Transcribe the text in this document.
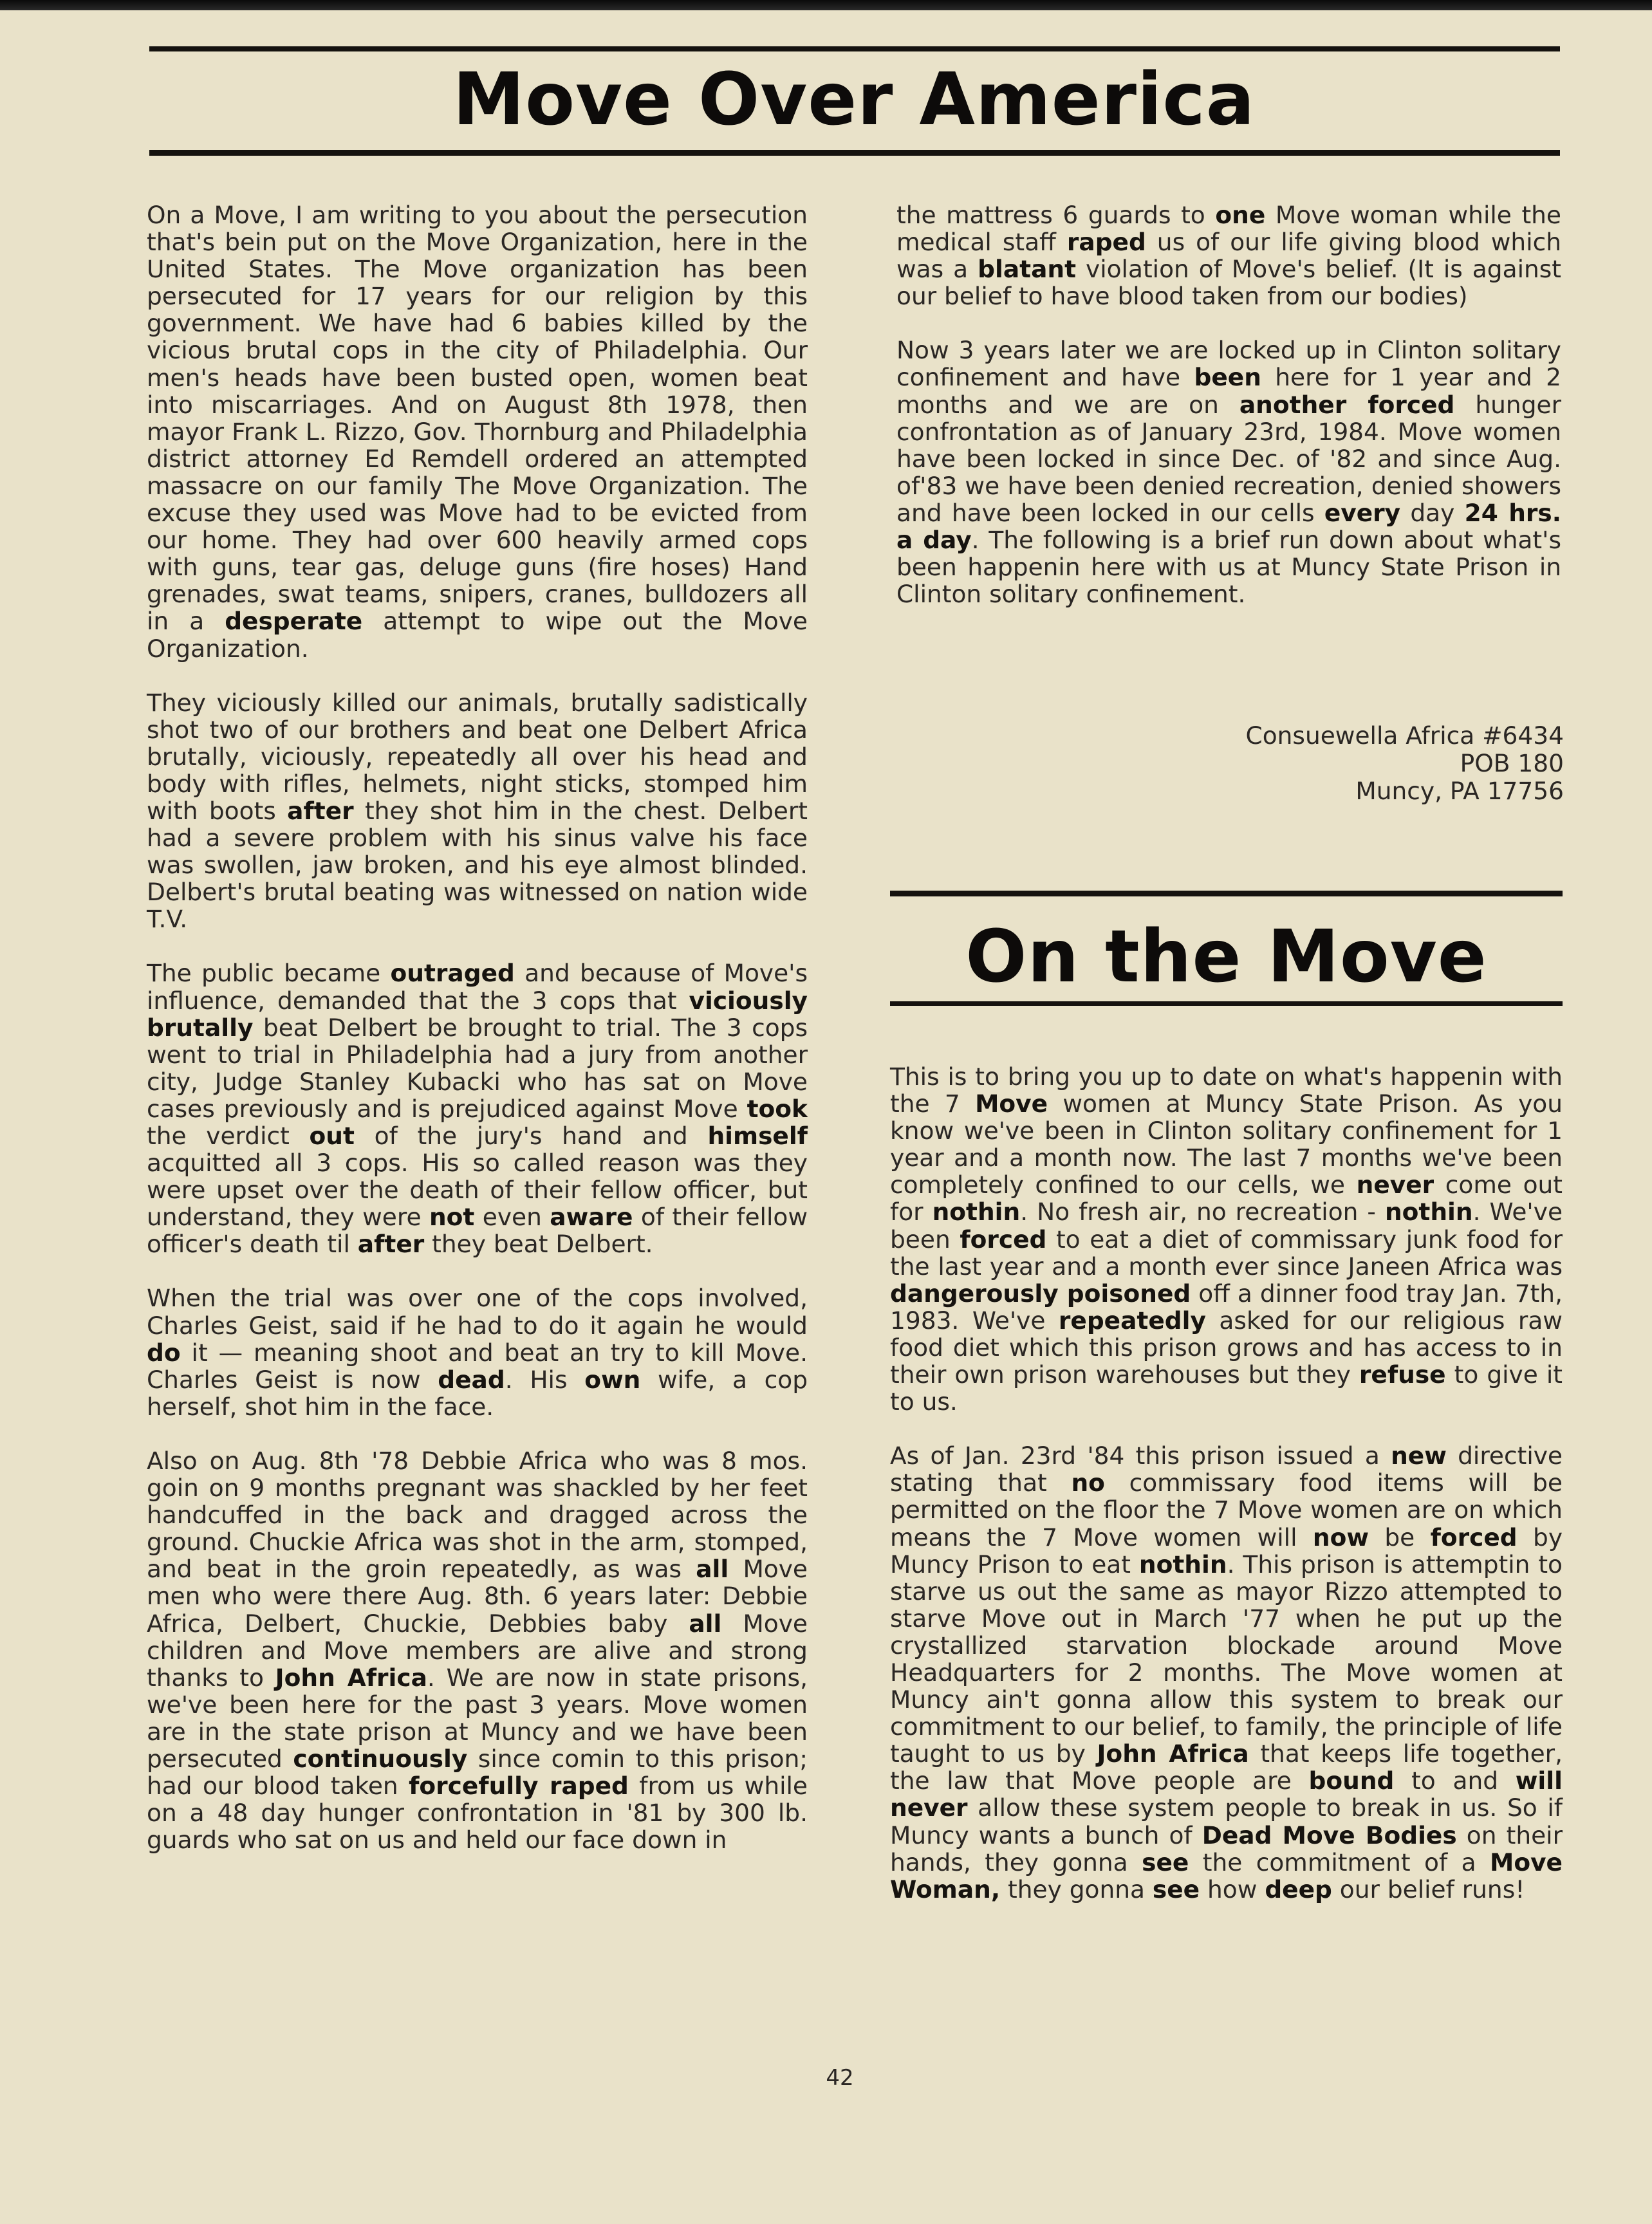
Move Over America

On a Move, I am writing to you about the persecution that's bein put on the Move Organization, here in the United States. The Move organization has been persecuted for 17 years for our religion by this government. We have had 6 babies killed by the vicious brutal cops in the city of Philadelphia. Our men's heads have been busted open, women beat into miscarriages. And on August 8th 1978, then mayor Frank L. Rizzo, Gov. Thornburg and Philadelphia district attorney Ed Remdell ordered an attempted massacre on our family The Move Organization. The excuse they used was Move had to be evicted from our home. They had over 600 heavily armed cops with guns, tear gas, deluge guns (fire hoses) Hand grenades, swat teams, snipers, cranes, bulldozers all in a desperate attempt to wipe out the Move Organization.

They viciously killed our animals, brutally sadistically shot two of our brothers and beat one Delbert Africa brutally, viciously, repeatedly all over his head and body with rifles, helmets, night sticks, stomped him with boots after they shot him in the chest. Delbert had a severe problem with his sinus valve his face was swollen, jaw broken, and his eye almost blinded. Delbert's brutal beating was witnessed on nation wide T.V.

The public became outraged and because of Move's influence, demanded that the 3 cops that viciously brutally beat Delbert be brought to trial. The 3 cops went to trial in Philadelphia had a jury from another city, Judge Stanley Kubacki who has sat on Move cases previously and is prejudiced against Move took the verdict out of the jury's hand and himself acquitted all 3 cops. His so called reason was they were upset over the death of their fellow officer, but understand, they were not even aware of their fellow officer's death til after they beat Delbert.

When the trial was over one of the cops involved, Charles Geist, said if he had to do it again he would do it — meaning shoot and beat an try to kill Move. Charles Geist is now dead. His own wife, a cop herself, shot him in the face.

Also on Aug. 8th '78 Debbie Africa who was 8 mos. goin on 9 months pregnant was shackled by her feet handcuffed in the back and dragged across the ground. Chuckie Africa was shot in the arm, stomped, and beat in the groin repeatedly, as was all Move men who were there Aug. 8th. 6 years later: Debbie Africa, Delbert, Chuckie, Debbies baby all Move children and Move members are alive and strong thanks to John Africa. We are now in state prisons, we've been here for the past 3 years. Move women are in the state prison at Muncy and we have been persecuted continuously since comin to this prison; had our blood taken forcefully raped from us while on a 48 day hunger confrontation in '81 by 300 lb. guards who sat on us and held our face down in

the mattress 6 guards to one Move woman while the medical staff raped us of our life giving blood which was a blatant violation of Move's belief. (It is against our belief to have blood taken from our bodies)

Now 3 years later we are locked up in Clinton solitary confinement and have been here for 1 year and 2 months and we are on another forced hunger confrontation as of January 23rd, 1984. Move women have been locked in since Dec. of '82 and since Aug. of'83 we have been denied recreation, denied showers and have been locked in our cells every day 24 hrs. a day. The following is a brief run down about what's been happenin here with us at Muncy State Prison in Clinton solitary confinement.

Consuewella Africa #6434
POB 180
Muncy, PA 17756
On the Move

This is to bring you up to date on what's happenin with the 7 Move women at Muncy State Prison. As you know we've been in Clinton solitary confinement for 1 year and a month now. The last 7 months we've been completely confined to our cells, we never come out for nothin. No fresh air, no recreation - nothin. We've been forced to eat a diet of commissary junk food for the last year and a month ever since Janeen Africa was dangerously poisoned off a dinner food tray Jan. 7th, 1983. We've repeatedly asked for our religious raw food diet which this prison grows and has access to in their own prison warehouses but they refuse to give it to us.

As of Jan. 23rd '84 this prison issued a new directive stating that no commissary food items will be permitted on the floor the 7 Move women are on which means the 7 Move women will now be forced by Muncy Prison to eat nothin. This prison is attemptin to starve us out the same as mayor Rizzo attempted to starve Move out in March '77 when he put up the crystallized starvation blockade around Move Headquarters for 2 months. The Move women at Muncy ain't gonna allow this system to break our commitment to our belief, to family, the principle of life taught to us by John Africa that keeps life together, the law that Move people are bound to and will never allow these system people to break in us. So if Muncy wants a bunch of Dead Move Bodies on their hands, they gonna see the commitment of a Move Woman, they gonna see how deep our belief runs!

42
